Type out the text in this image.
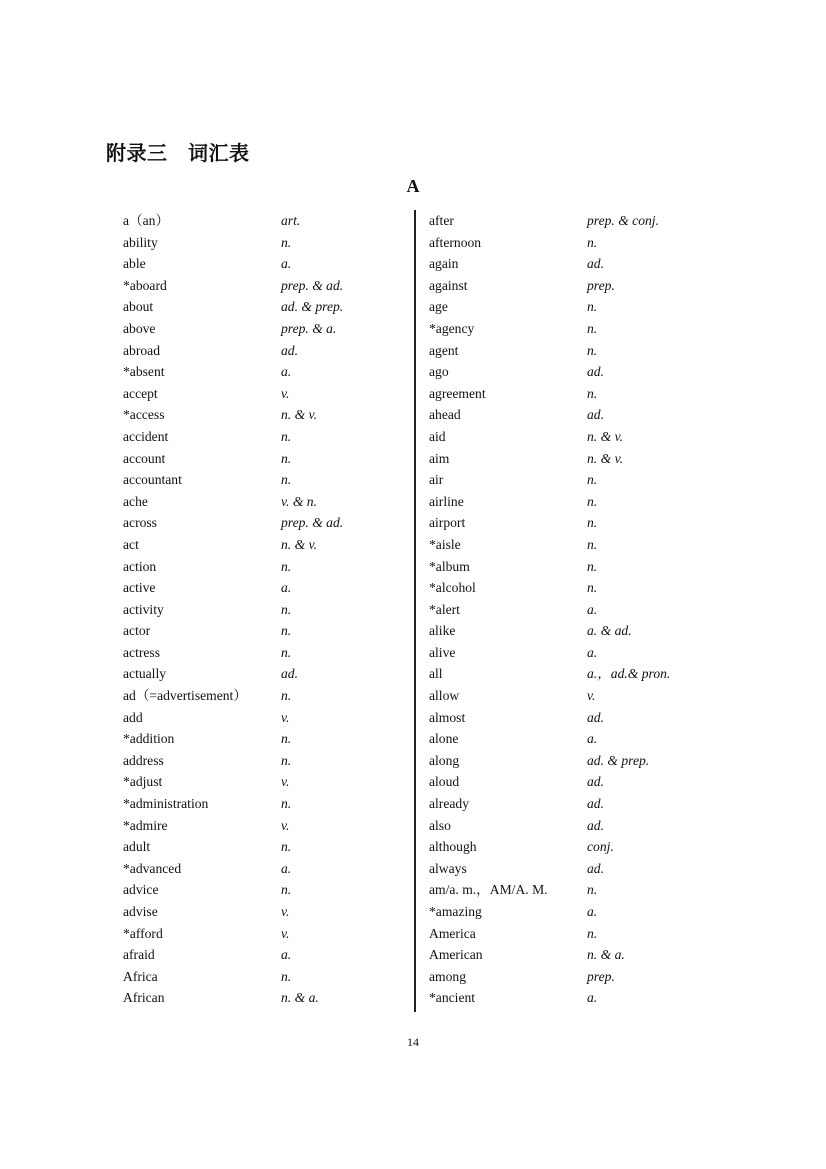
附录三　词汇表
A
a（an）	art.
ability	n.
able	a.
*aboard	prep. & ad.
about	ad. & prep.
above	prep. & a.
abroad	ad.
*absent	a.
accept	v.
*access	n. & v.
accident	n.
account	n.
accountant	n.
ache	v. & n.
across	prep. & ad.
act	n. & v.
action	n.
active	a.
activity	n.
actor	n.
actress	n.
actually	ad.
ad（=advertisement）	n.
add	v.
*addition	n.
address	n.
*adjust	v.
*administration	n.
*admire	v.
adult	n.
*advanced	a.
advice	n.
advise	v.
*afford	v.
afraid	a.
Africa	n.
African	n. & a.
after	prep. & conj.
afternoon	n.
again	ad.
against	prep.
age	n.
*agency	n.
agent	n.
ago	ad.
agreement	n.
ahead	ad.
aid	n. & v.
aim	n. & v.
air	n.
airline	n.
airport	n.
*aisle	n.
*album	n.
*alcohol	n.
*alert	a.
alike	a. & ad.
alive	a.
all	a.，ad.& pron.
allow	v.
almost	ad.
alone	a.
along	ad. & prep.
aloud	ad.
already	ad.
also	ad.
although	conj.
always	ad.
am/a. m.，AM/A. M.	n.
*amazing	a.
America	n.
American	n. & a.
among	prep.
*ancient	a.
14
